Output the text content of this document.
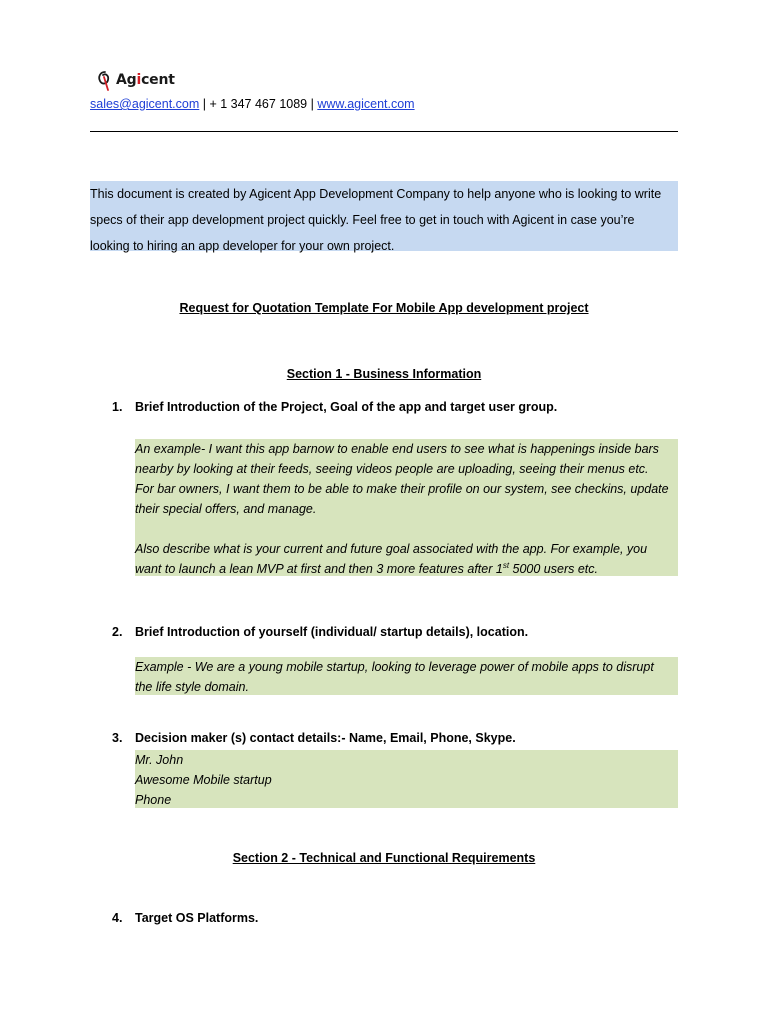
Agicent
sales@agicent.com | + 1 347 467 1089 | www.agicent.com

This document is created by Agicent App Development Company to help anyone who is looking to write

specs of their app development project quickly. Feel free to get in touch with Agicent in case you’re

looking to hiring an app developer for your own project.

Request for Quotation Template For Mobile App development project
Section 1 - Business Information
1. Brief Introduction of the Project, Goal of the app and target user group.

An example- I want this app barnow to enable end users to see what is happenings inside bars

nearby by looking at their feeds, seeing videos people are uploading, seeing their menus etc.

For bar owners, I want them to be able to make their profile on our system, see checkins, update

their special offers, and manage.

Also describe what is your current and future goal associated with the app. For example, you

want to launch a lean MVP at first and then 3 more features after 1st 5000 users etc.

2. Brief Introduction of yourself (individual/ startup details), location.

Example - We are a young mobile startup, looking to leverage power of mobile apps to disrupt

the life style domain.

3. Decision maker (s) contact details:- Name, Email, Phone, Skype.

Mr. John

Awesome Mobile startup

Phone

Section 2 - Technical and Functional Requirements
4. Target OS Platforms.
